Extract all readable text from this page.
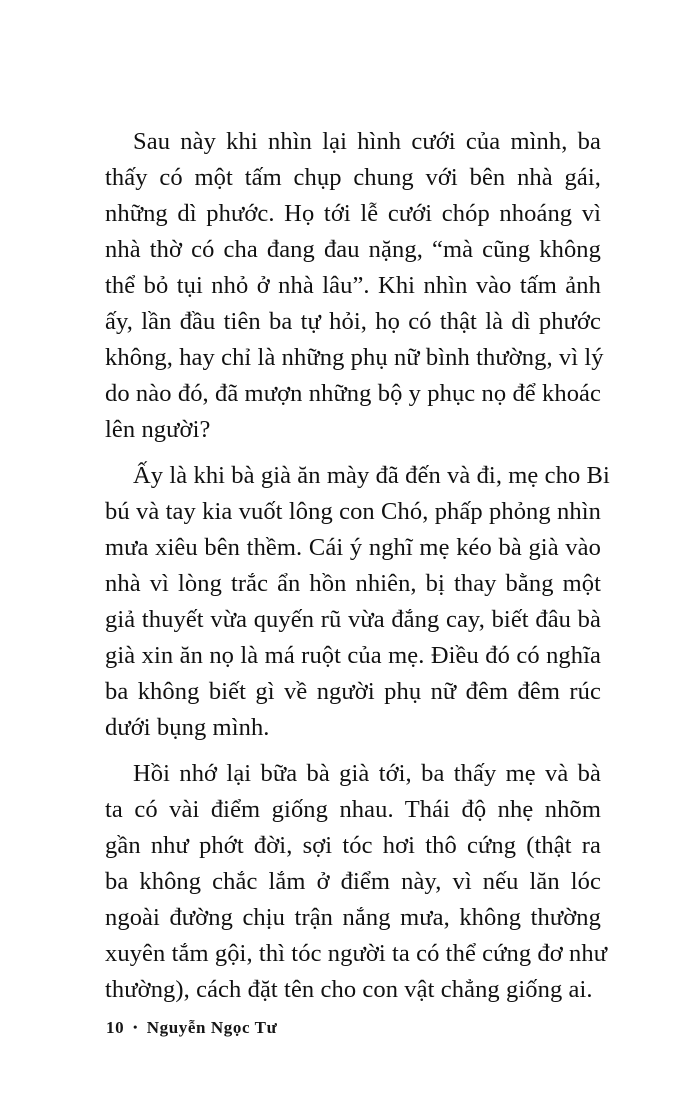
Sau này khi nhìn lại hình cưới của mình, ba
thấy có một tấm chụp chung với bên nhà gái,
những dì phước. Họ tới lễ cưới chóp nhoáng vì
nhà thờ có cha đang đau nặng, “mà cũng không
thể bỏ tụi nhỏ ở nhà lâu”. Khi nhìn vào tấm ảnh
ấy, lần đầu tiên ba tự hỏi, họ có thật là dì phước
không, hay chỉ là những phụ nữ bình thường, vì lý
do nào đó, đã mượn những bộ y phục nọ để khoác
lên người?
Ấy là khi bà già ăn mày đã đến và đi, mẹ cho Bi
bú và tay kia vuốt lông con Chó, phấp phỏng nhìn
mưa xiêu bên thềm. Cái ý nghĩ mẹ kéo bà già vào
nhà vì lòng trắc ẩn hồn nhiên, bị thay bằng một
giả thuyết vừa quyến rũ vừa đắng cay, biết đâu bà
già xin ăn nọ là má ruột của mẹ. Điều đó có nghĩa
ba không biết gì về người phụ nữ đêm đêm rúc
dưới bụng mình.
Hồi nhớ lại bữa bà già tới, ba thấy mẹ và bà
ta có vài điểm giống nhau. Thái độ nhẹ nhõm
gần như phớt đời, sợi tóc hơi thô cứng (thật ra
ba không chắc lắm ở điểm này, vì nếu lăn lóc
ngoài đường chịu trận nắng mưa, không thường
xuyên tắm gội, thì tóc người ta có thể cứng đơ như
thường), cách đặt tên cho con vật chẳng giống ai.
10 • Nguyễn Ngọc Tư
